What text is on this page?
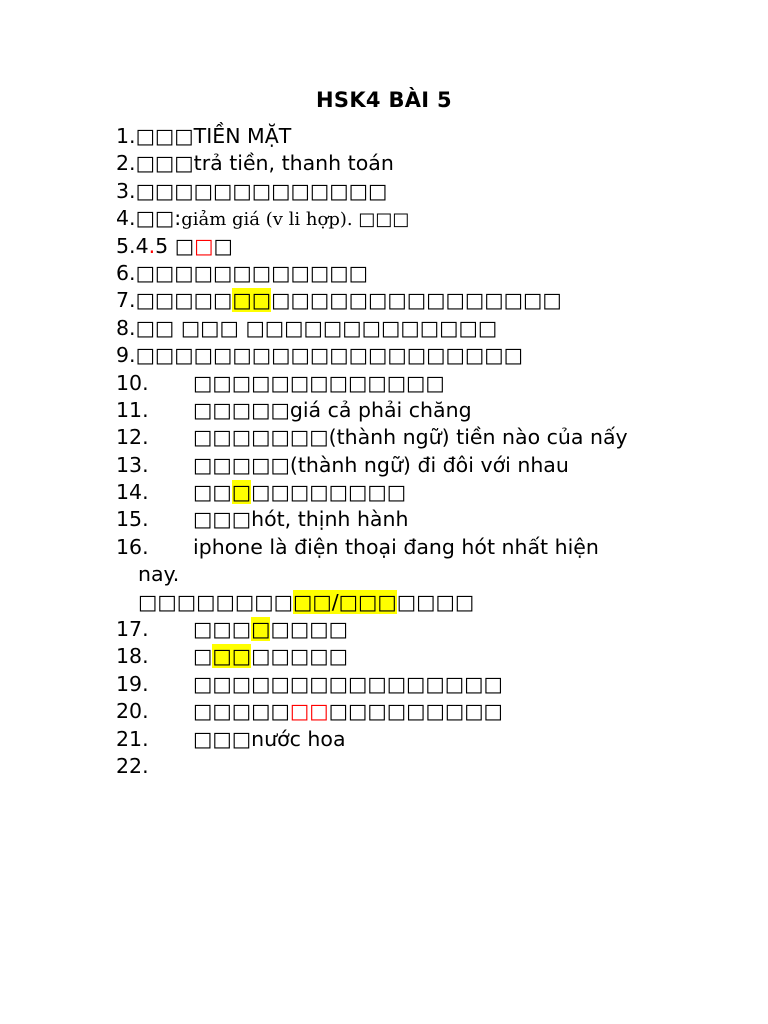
HSK4 BÀI 5
1.□□□TIỀN MẶT
2.□□□trả tiền, thanh toán
3.□□□□□□□□□□□□□
4.□□:giảm giá (v li hợp). □□□
5.4.5 □□□
6.□□□□□□□□□□□□
7.□□□□□□□□□□□□□□□□□□□□□□
8.□□ □□□ □□□□□□□□□□□□□
9.□□□□□□□□□□□□□□□□□□□□
10. □□□□□□□□□□□□□
11. □□□□□giá cả phải chăng
12. □□□□□□□(thành ngữ) tiền nào của nấy
13. □□□□□(thành ngữ) đi đôi với nhau
14. □□□□□□□□□□□
15. □□□hót, thịnh hành
16. iphone là điện thoại đang hót nhất hiện
nay.
□□□□□□□□□□/□□□□□□□
17. □□□□□□□□
18. □□□□□□□□
19. □□□□□□□□□□□□□□□□
20. □□□□□□□□□□□□□□□□
21. □□□nước hoa
22.
